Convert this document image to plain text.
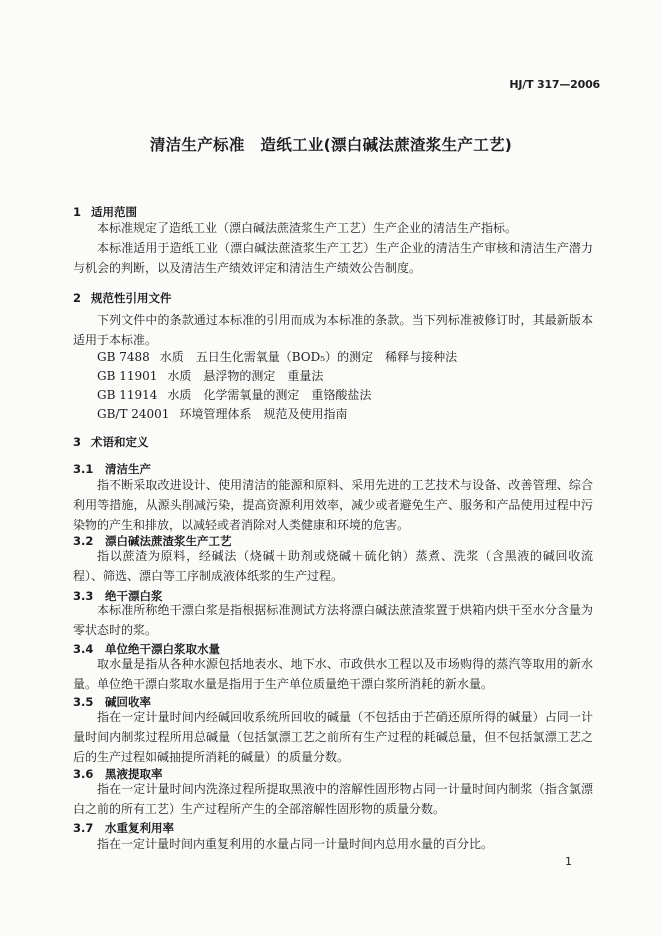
HJ/T 317—2006
清洁生产标准　造纸工业(漂白碱法蔗渣浆生产工艺)
1 适用范围

本标准规定了造纸工业（漂白碱法蔗渣浆生产工艺）生产企业的清洁生产指标。

本标准适用于造纸工业（漂白碱法蔗渣浆生产工艺）生产企业的清洁生产审核和清洁生产潜力与机会的判断，以及清洁生产绩效评定和清洁生产绩效公告制度。

2 规范性引用文件

下列文件中的条款通过本标准的引用而成为本标准的条款。当下列标准被修订时，其最新版本适用于本标准。

GB 7488 水质　五日生化需氧量（BOD₅）的测定　稀释与接种法
GB 11901 水质　悬浮物的测定　重量法
GB 11914 水质　化学需氧量的测定　重铬酸盐法
GB/T 24001 环境管理体系　规范及使用指南
3 术语和定义
3.1 清洁生产

指不断采取改进设计、使用清洁的能源和原料、采用先进的工艺技术与设备、改善管理、综合利用等措施，从源头削减污染，提高资源利用效率，减少或者避免生产、服务和产品使用过程中污染物的产生和排放，以减轻或者消除对人类健康和环境的危害。

3.2 漂白碱法蔗渣浆生产工艺

指以蔗渣为原料，经碱法（烧碱＋助剂或烧碱＋硫化钠）蒸煮、洗浆（含黑液的碱回收流程）、筛选、漂白等工序制成液体纸浆的生产过程。

3.3 绝干漂白浆

本标准所称绝干漂白浆是指根据标准测试方法将漂白碱法蔗渣浆置于烘箱内烘干至水分含量为零状态时的浆。

3.4 单位绝干漂白浆取水量

取水量是指从各种水源包括地表水、地下水、市政供水工程以及市场购得的蒸汽等取用的新水量。单位绝干漂白浆取水量是指用于生产单位质量绝干漂白浆所消耗的新水量。

3.5 碱回收率

指在一定计量时间内经碱回收系统所回收的碱量（不包括由于芒硝还原所得的碱量）占同一计量时间内制浆过程所用总碱量（包括氯漂工艺之前所有生产过程的耗碱总量，但不包括氯漂工艺之后的生产过程如碱抽提所消耗的碱量）的质量分数。

3.6 黑液提取率

指在一定计量时间内洗涤过程所提取黑液中的溶解性固形物占同一计量时间内制浆（指含氯漂白之前的所有工艺）生产过程所产生的全部溶解性固形物的质量分数。

3.7 水重复利用率

指在一定计量时间内重复利用的水量占同一计量时间内总用水量的百分比。

1
